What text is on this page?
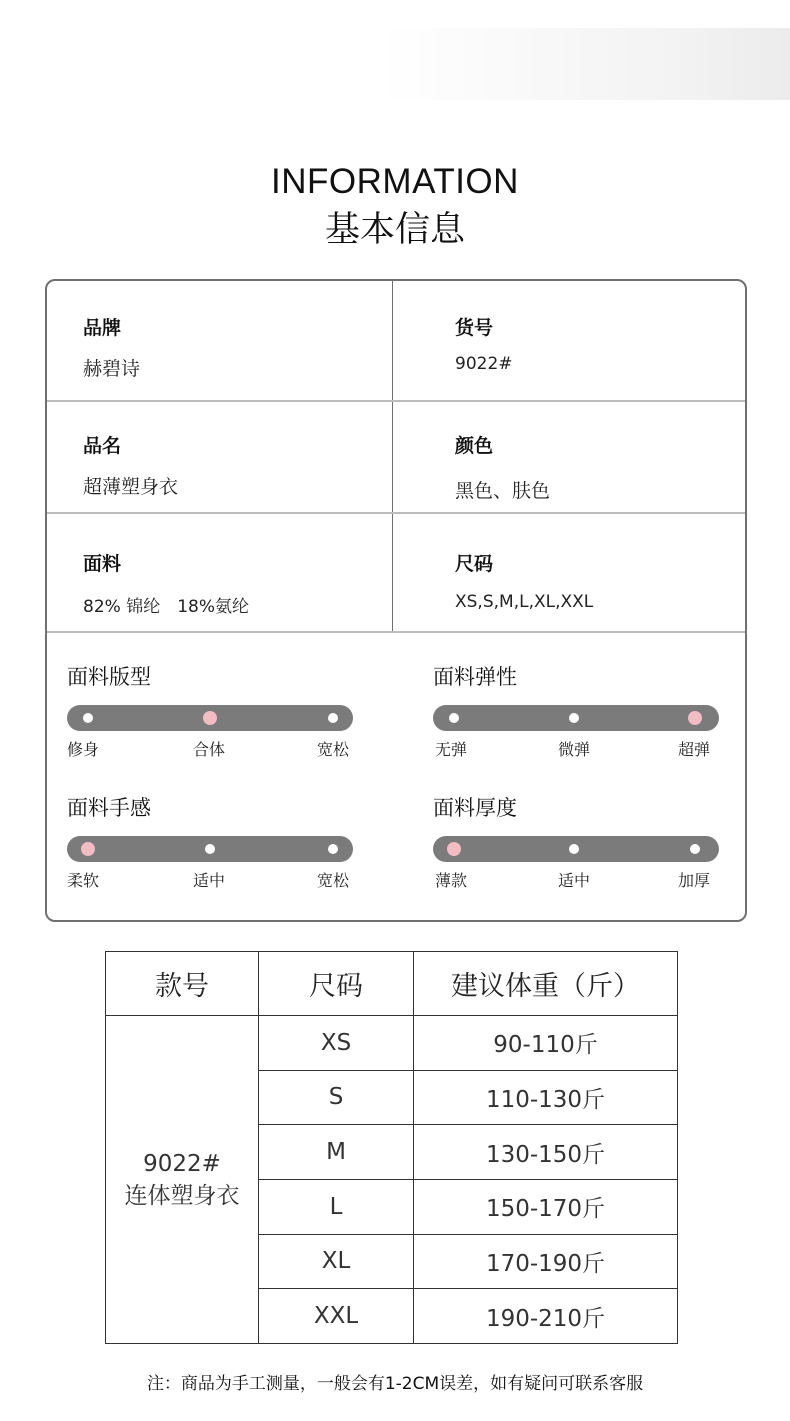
INFORMATION
基本信息
品牌
赫碧诗
货号
9022#
品名
超薄塑身衣
颜色
黑色、肤色
面料
82% 锦纶　18%氨纶
尺码
XS,S,M,L,XL,XXL
面料版型
修身	合体	宽松
面料弹性
无弹	微弹	超弹
面料手感
柔软	适中	宽松
面料厚度
薄款	适中	加厚
款号	尺码	建议体重（斤）

9022#
连体塑身衣	XS	90-110斤
	S	110-130斤
	M	130-150斤
	L	150-170斤
	XL	170-190斤
	XXL	190-210斤
注：商品为手工测量，一般会有1-2CM误差，如有疑问可联系客服
